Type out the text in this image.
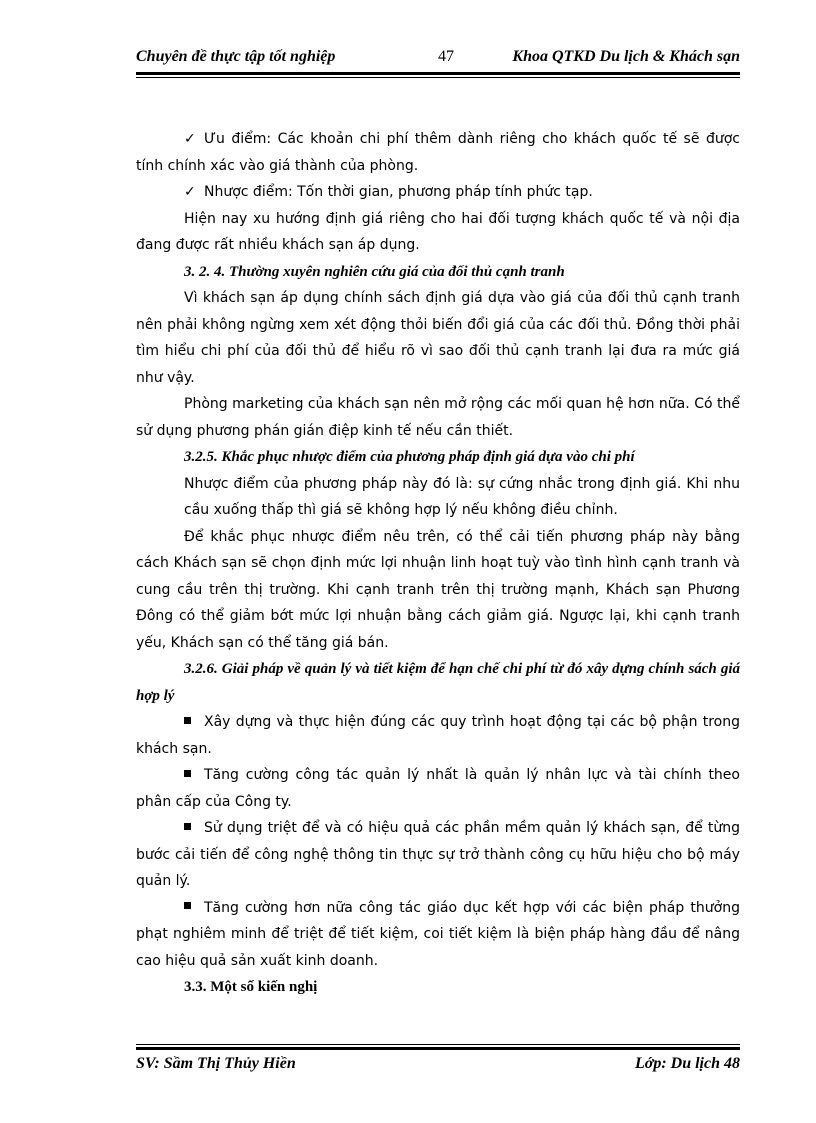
Chuyên đề thực tập tốt nghiệp	47	Khoa QTKD Du lịch & Khách sạn

✓ Ưu điểm: Các khoản chi phí thêm dành riêng cho khách quốc tế sẽ được tính chính xác vào giá thành của phòng.

✓ Nhược điểm: Tốn thời gian, phương pháp tính phức tạp.

Hiện nay xu hướng định giá riêng cho hai đối tượng khách quốc tế và nội địa đang được rất nhiều khách sạn áp dụng.

3. 2. 4. Thường xuyên nghiên cứu giá của đối thủ cạnh tranh

Vì khách sạn áp dụng chính sách định giá dựa vào giá của đối thủ cạnh tranh nên phải không ngừng xem xét động thỏi biến đổi giá của các đối thủ. Đồng thời phải tìm hiểu chi phí của đối thủ để hiểu rõ vì sao đối thủ cạnh tranh lại đưa ra mức giá như vậy.

Phòng marketing của khách sạn nên mở rộng các mối quan hệ hơn nữa. Có thể sử dụng phương phán gián điệp kinh tế nếu cần thiết.

3.2.5. Khắc phục nhược điểm của phương pháp định giá dựa vào chi phí

Nhược điểm của phương pháp này đó là: sự cứng nhắc trong định giá. Khi nhu cầu xuống thấp thì giá sẽ không hợp lý nếu không điều chỉnh.

Để khắc phục nhược điểm nêu trên, có thể cải tiến phương pháp này bằng cách Khách sạn sẽ chọn định mức lợi nhuận linh hoạt tuỳ vào tình hình cạnh tranh và cung cầu trên thị trường. Khi cạnh tranh trên thị trường mạnh, Khách sạn Phương Đông có thể giảm bớt mức lợi nhuận bằng cách giảm giá. Ngược lại, khi cạnh tranh yếu, Khách sạn có thể tăng giá bán.

3.2.6. Giải pháp về quản lý và tiết kiệm để hạn chế chi phí từ đó xây dựng chính sách giá hợp lý

Xây dựng và thực hiện đúng các quy trình hoạt động tại các bộ phận trong khách sạn.

Tăng cường công tác quản lý nhất là quản lý nhân lực và tài chính theo phân cấp của Công ty.

Sử dụng triệt để và có hiệu quả các phần mềm quản lý khách sạn, để từng bước cải tiến để công nghệ thông tin thực sự trở thành công cụ hữu hiệu cho bộ máy quản lý.

Tăng cường hơn nữa công tác giáo dục kết hợp với các biện pháp thưởng phạt nghiêm minh để triệt để tiết kiệm, coi tiết kiệm là biện pháp hàng đầu để nâng cao hiệu quả sản xuất kinh doanh.

3.3. Một số kiến nghị

SV: Sầm Thị Thủy Hiền	Lớp: Du lịch 48
